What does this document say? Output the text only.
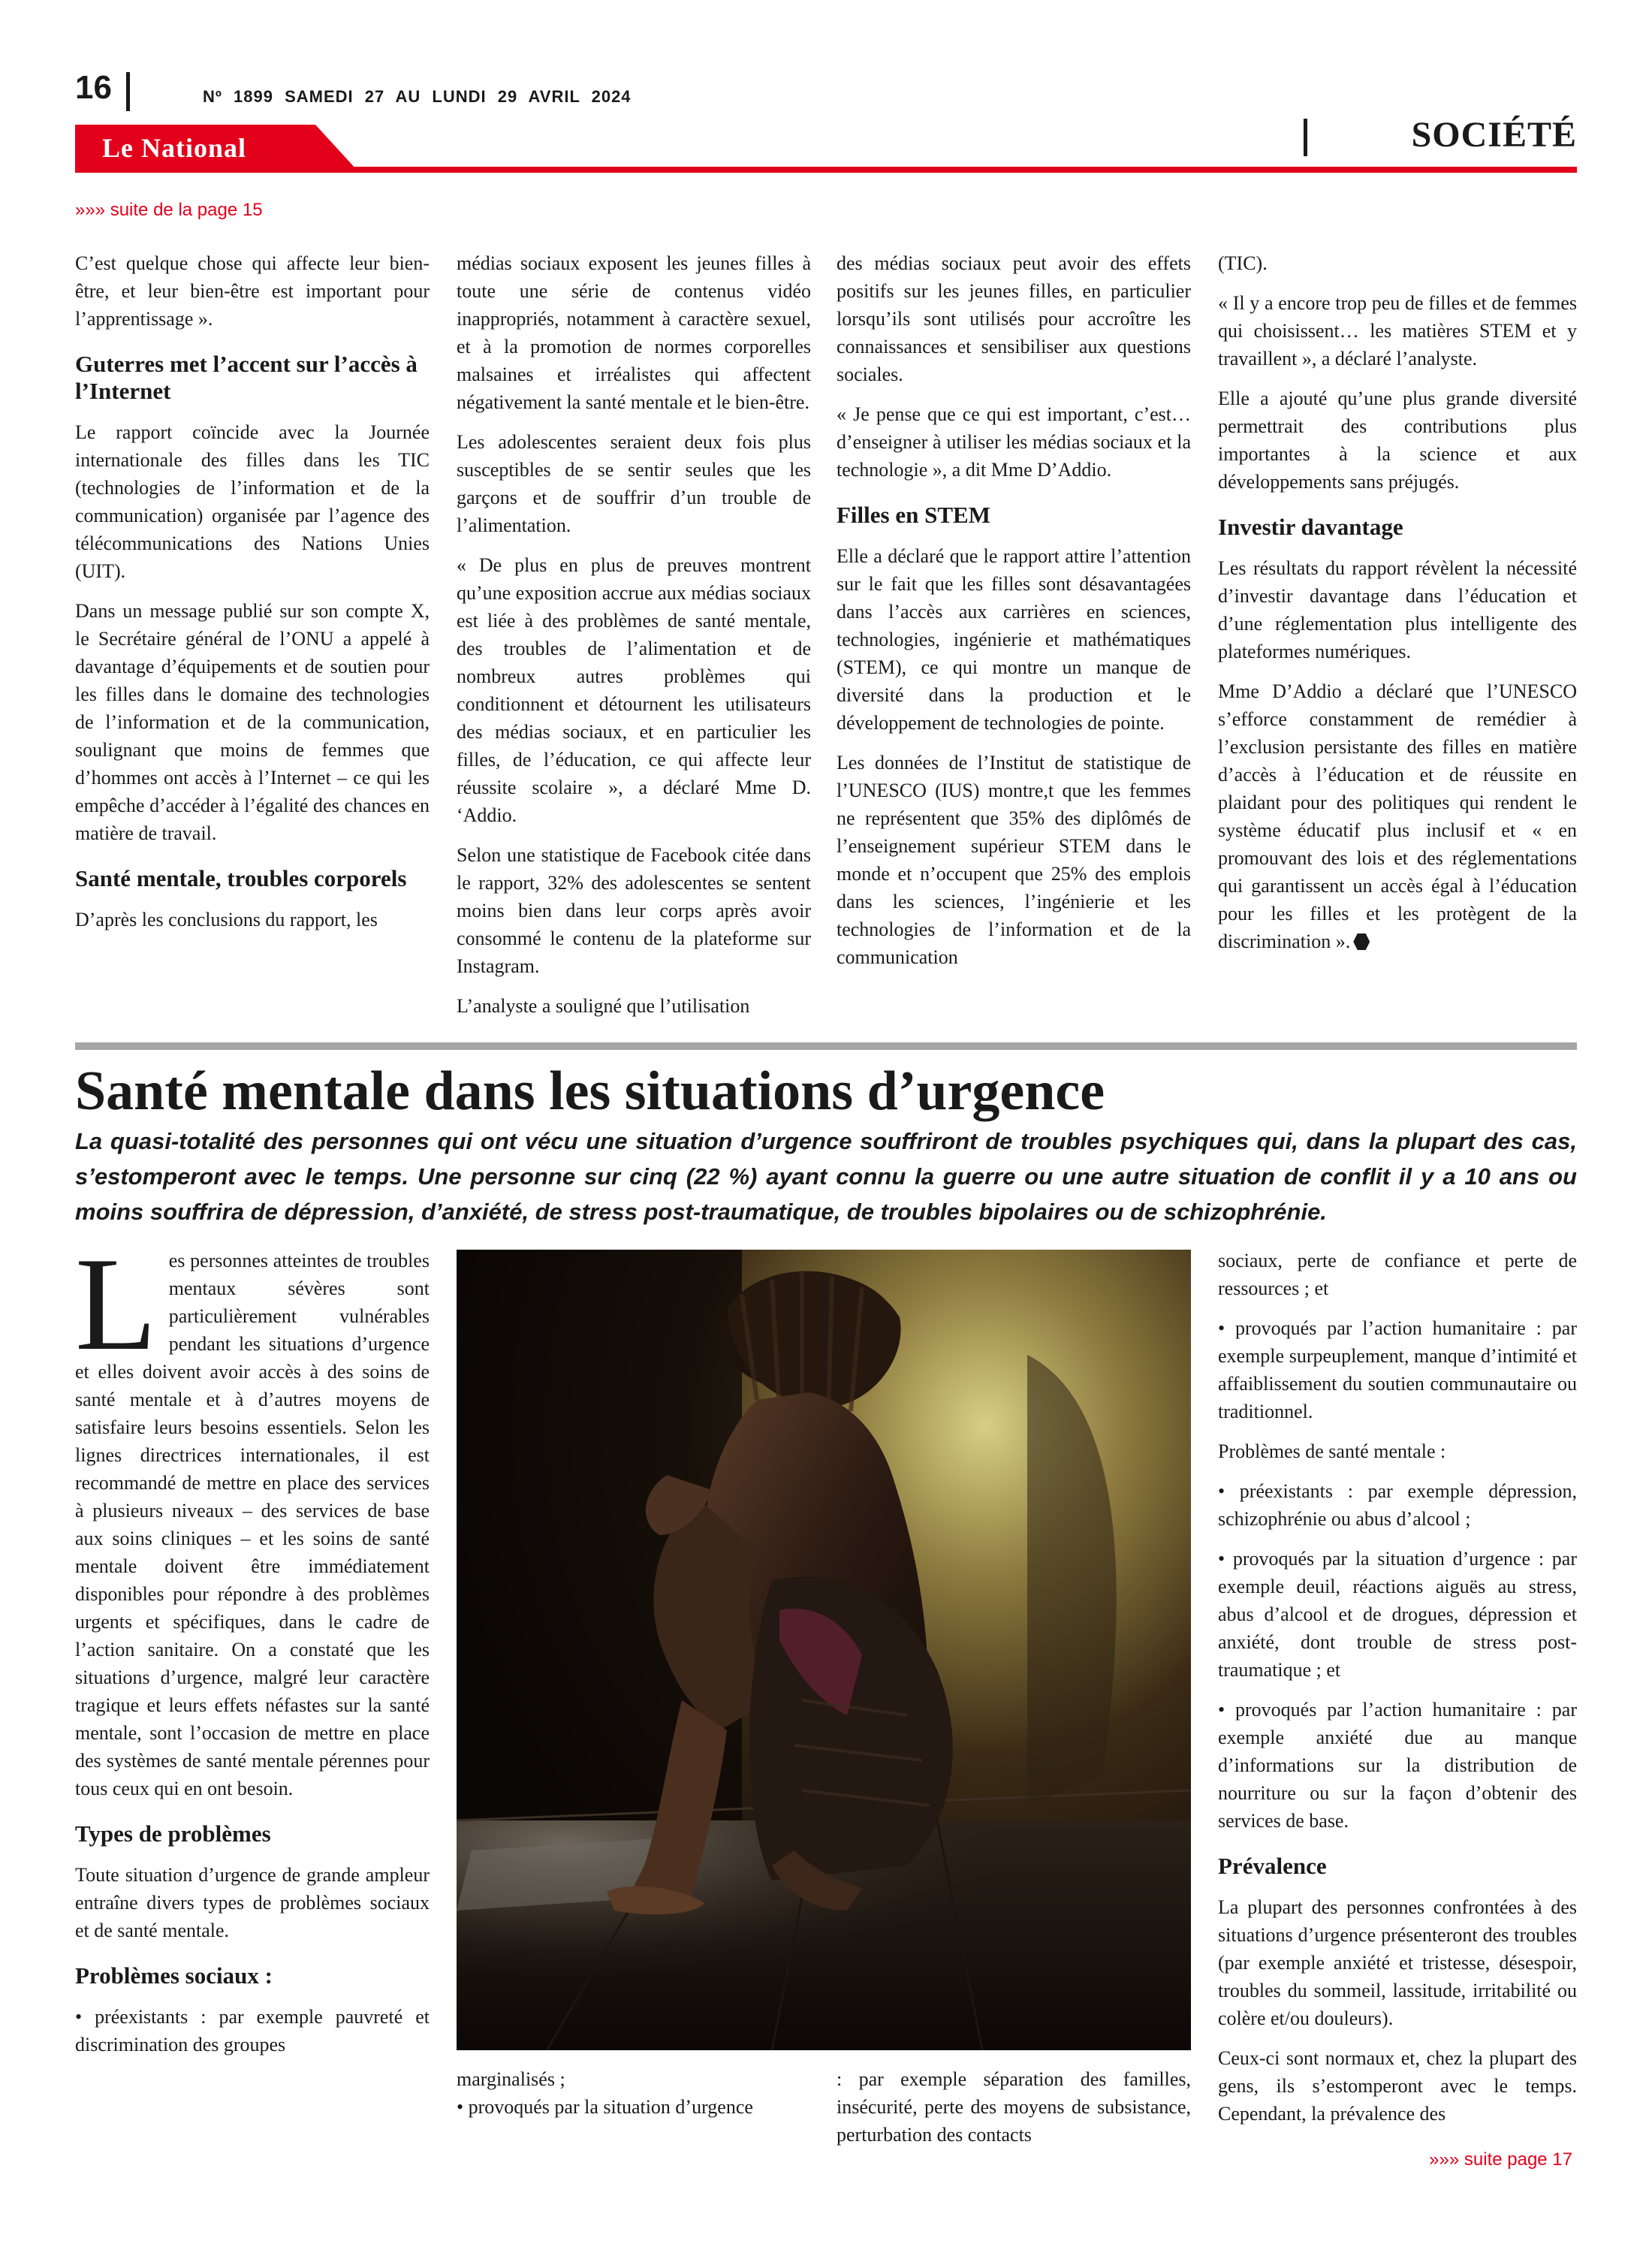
16	Nº 1899 SAMEDI 27 AU LUNDI 29 AVRIL 2024
Le National	SOCIÉTÉ
»»» suite de la page 15

C’est quelque chose qui affecte leur bien-être, et leur bien-être est important pour l’apprentissage ».

Guterres met l’accent sur l’accès à l’Internet

Le rapport coïncide avec la Journée internationale des filles dans les TIC (technologies de l’information et de la communication) organisée par l’agence des télécommunications des Nations Unies (UIT).

Dans un message publié sur son compte X, le Secrétaire général de l’ONU a appelé à davantage d’équipements et de soutien pour les filles dans le domaine des technologies de l’information et de la communication, soulignant que moins de femmes que d’hommes ont accès à l’Internet – ce qui les empêche d’accéder à l’égalité des chances en matière de travail.

Santé mentale, troubles corporels

D’après les conclusions du rapport, les

médias sociaux exposent les jeunes filles à toute une série de contenus vidéo inappropriés, notamment à caractère sexuel, et à la promotion de normes corporelles malsaines et irréalistes qui affectent négativement la santé mentale et le bien-être.

Les adolescentes seraient deux fois plus susceptibles de se sentir seules que les garçons et de souffrir d’un trouble de l’alimentation.

« De plus en plus de preuves montrent qu’une exposition accrue aux médias sociaux est liée à des problèmes de santé mentale, des troubles de l’alimentation et de nombreux autres problèmes qui conditionnent et détournent les utilisateurs des médias sociaux, et en particulier les filles, de l’éducation, ce qui affecte leur réussite scolaire », a déclaré Mme D. ‘Addio.

Selon une statistique de Facebook citée dans le rapport, 32% des adolescentes se sentent moins bien dans leur corps après avoir consommé le contenu de la plateforme sur Instagram.

L’analyste a souligné que l’utilisation

des médias sociaux peut avoir des effets positifs sur les jeunes filles, en particulier lorsqu’ils sont utilisés pour accroître les connaissances et sensibiliser aux questions sociales.

« Je pense que ce qui est important, c’est… d’enseigner à utiliser les médias sociaux et la technologie », a dit Mme D’Addio.

Filles en STEM

Elle a déclaré que le rapport attire l’attention sur le fait que les filles sont désavantagées dans l’accès aux carrières en sciences, technologies, ingénierie et mathématiques (STEM), ce qui montre un manque de diversité dans la production et le développement de technologies de pointe.

Les données de l’Institut de statistique de l’UNESCO (IUS) montre,t que les femmes ne représentent que 35% des diplômés de l’enseignement supérieur STEM dans le monde et n’occupent que 25% des emplois dans les sciences, l’ingénierie et les technologies de l’information et de la communication

(TIC).

« Il y a encore trop peu de filles et de femmes qui choisissent… les matières STEM et y travaillent », a déclaré l’analyste.

Elle a ajouté qu’une plus grande diversité permettrait des contributions plus importantes à la science et aux développements sans préjugés.

Investir davantage

Les résultats du rapport révèlent la nécessité d’investir davantage dans l’éducation et d’une réglementation plus intelligente des plateformes numériques.

Mme D’Addio a déclaré que l’UNESCO s’efforce constamment de remédier à l’exclusion persistante des filles en matière d’accès à l’éducation et de réussite en plaidant pour des politiques qui rendent le système éducatif plus inclusif et « en promouvant des lois et des réglementations qui garantissent un accès égal à l’éducation pour les filles et les protègent de la discrimination ».

Santé mentale dans les situations d’urgence

La quasi-totalité des personnes qui ont vécu une situation d’urgence souffriront de troubles psychiques qui, dans la plupart des cas, s’estomperont avec le temps. Une personne sur cinq (22 %) ayant connu la guerre ou une autre situation de conflit il y a 10 ans ou moins souffrira de dépression, d’anxiété, de stress post-traumatique, de troubles bipolaires ou de schizophrénie.

Les personnes atteintes de troubles mentaux sévères sont particulièrement vulnérables pendant les situations d’urgence et elles doivent avoir accès à des soins de santé mentale et à d’autres moyens de satisfaire leurs besoins essentiels. Selon les lignes directrices internationales, il est recommandé de mettre en place des services à plusieurs niveaux – des services de base aux soins cliniques – et les soins de santé mentale doivent être immédiatement disponibles pour répondre à des problèmes urgents et spécifiques, dans le cadre de l’action sanitaire. On a constaté que les situations d’urgence, malgré leur caractère tragique et leurs effets néfastes sur la santé mentale, sont l’occasion de mettre en place des systèmes de santé mentale pérennes pour tous ceux qui en ont besoin.

Types de problèmes

Toute situation d’urgence de grande ampleur entraîne divers types de problèmes sociaux et de santé mentale.

Problèmes sociaux :

• préexistants : par exemple pauvreté et discrimination des groupes

marginalisés ;

• provoqués par la situation d’urgence

: par exemple séparation des familles, insécurité, perte des moyens de subsistance, perturbation des contacts

sociaux, perte de confiance et perte de ressources ; et

• provoqués par l’action humanitaire : par exemple surpeuplement, manque d’intimité et affaiblissement du soutien communautaire ou traditionnel.

Problèmes de santé mentale :

• préexistants : par exemple dépression, schizophrénie ou abus d’alcool ;

• provoqués par la situation d’urgence : par exemple deuil, réactions aiguës au stress, abus d’alcool et de drogues, dépression et anxiété, dont trouble de stress post-traumatique ; et

• provoqués par l’action humanitaire : par exemple anxiété due au manque d’informations sur la distribution de nourriture ou sur la façon d’obtenir des services de base.

Prévalence

La plupart des personnes confrontées à des situations d’urgence présenteront des troubles (par exemple anxiété et tristesse, désespoir, troubles du sommeil, lassitude, irritabilité ou colère et/ou douleurs).

Ceux-ci sont normaux et, chez la plupart des gens, ils s’estomperont avec le temps. Cependant, la prévalence des

»»» suite page 17
